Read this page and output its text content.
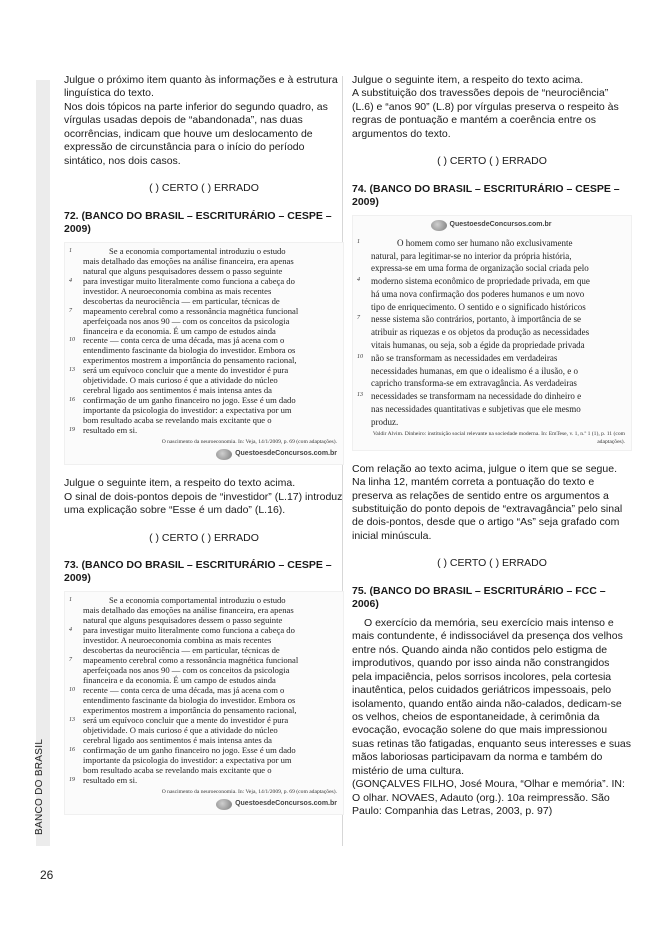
BANCO DO BRASIL
26
Julgue o próximo item quanto às informações e à estrutura linguística do texto.
Nos dois tópicos na parte inferior do segundo quadro, as vírgulas usadas depois de “abandonada”, nas duas ocorrências, indicam que houve um deslocamento de expressão de circunstância para o início do período sintático, nos dois casos.
( ) CERTO ( ) ERRADO
72. (BANCO DO BRASIL – ESCRITURÁRIO – CESPE – 2009)
1	Se a economia comportamental introduziu o estudo
mais detalhado das emoções na análise financeira, era apenas
natural que alguns pesquisadores dessem o passo seguinte
4	para investigar muito literalmente como funciona a cabeça do
investidor. A neuroeconomia combina as mais recentes
descobertas da neurociência — em particular, técnicas de
7	mapeamento cerebral como a ressonância magnética funcional
aperfeiçoada nos anos 90 — com os conceitos da psicologia
financeira e da economia. É um campo de estudos ainda
10 recente — conta cerca de uma década, mas já acena com o
entendimento fascinante da biologia do investidor. Embora os
experimentos mostrem a importância do pensamento racional,
13 será um equívoco concluir que a mente do investidor é pura
objetividade. O mais curioso é que a atividade do núcleo
cerebral ligado aos sentimentos é mais intensa antes da
16 confirmação de um ganho financeiro no jogo. Esse é um dado
importante da psicologia do investidor: a expectativa por um
bom resultado acaba se revelando mais excitante que o
19 resultado em si.
O nascimento da neuroeconomia. In: Veja, 14/1/2009, p. 69 (com adaptações).
QuestoesdeConcursos.com.br
Julgue o seguinte item, a respeito do texto acima.
O sinal de dois-pontos depois de “investidor” (L.17) introduz uma explicação sobre “Esse é um dado” (L.16).
( ) CERTO ( ) ERRADO
73. (BANCO DO BRASIL – ESCRITURÁRIO – CESPE – 2009)
1	Se a economia comportamental introduziu o estudo
mais detalhado das emoções na análise financeira, era apenas
natural que alguns pesquisadores dessem o passo seguinte
4	para investigar muito literalmente como funciona a cabeça do
investidor. A neuroeconomia combina as mais recentes
descobertas da neurociência — em particular, técnicas de
7	mapeamento cerebral como a ressonância magnética funcional
aperfeiçoada nos anos 90 — com os conceitos da psicologia
financeira e da economia. É um campo de estudos ainda
10 recente — conta cerca de uma década, mas já acena com o
entendimento fascinante da biologia do investidor. Embora os
experimentos mostrem a importância do pensamento racional,
13 será um equívoco concluir que a mente do investidor é pura
objetividade. O mais curioso é que a atividade do núcleo
cerebral ligado aos sentimentos é mais intensa antes da
16 confirmação de um ganho financeiro no jogo. Esse é um dado
importante da psicologia do investidor: a expectativa por um
bom resultado acaba se revelando mais excitante que o
19 resultado em si.
O nascimento da neuroeconomia. In: Veja, 14/1/2009, p. 69 (com adaptações).
QuestoesdeConcursos.com.br
Julgue o seguinte item, a respeito do texto acima.
A substituição dos travessões depois de “neurociência” (L.6) e “anos 90” (L.8) por vírgulas preserva o respeito às regras de pontuação e mantém a coerência entre os argumentos do texto.
( ) CERTO ( ) ERRADO
74. (BANCO DO BRASIL – ESCRITURÁRIO – CESPE – 2009)
QuestoesdeConcursos.com.br
1	O homem como ser humano não exclusivamente
natural, para legitimar-se no interior da própria história,
expressa-se em uma forma de organização social criada pelo
4	moderno sistema econômico de propriedade privada, em que
há uma nova confirmação dos poderes humanos e um novo
tipo de enriquecimento. O sentido e o significado históricos
7	nesse sistema são contrários, portanto, à importância de se
atribuir as riquezas e os objetos da produção as necessidades
vitais humanas, ou seja, sob a égide da propriedade privada
10 não se transformam as necessidades em verdadeiras
necessidades humanas, em que o idealismo é a ilusão, e o
capricho transforma-se em extravagância. As verdadeiras
13 necessidades se transformam na necessidade do dinheiro e
nas necessidades quantitativas e subjetivas que ele mesmo
produz.
Valdir Alvim. Dinheiro: instituição social relevante na sociedade moderna. In: EmTese, v. 1, n.º 1 (1), p. 11 (com adaptações).
Com relação ao texto acima, julgue o item que se segue. Na linha 12, mantém correta a pontuação do texto e preserva as relações de sentido entre os argumentos a substituição do ponto depois de “extravagância” pelo sinal de dois-pontos, desde que o artigo “As” seja grafado com inicial minúscula.
( ) CERTO ( ) ERRADO
75. (BANCO DO BRASIL – ESCRITURÁRIO – FCC – 2006)
O exercício da memória, seu exercício mais intenso e mais contundente, é indissociável da presença dos velhos entre nós. Quando ainda não contidos pelo estigma de improdutivos, quando por isso ainda não constrangidos pela impaciência, pelos sorrisos incolores, pela cortesia inautêntica, pelos cuidados geriátricos impessoais, pelo isolamento, quando então ainda não-calados, dedicam-se os velhos, cheios de espontaneidade, à cerimônia da evocação, evocação solene do que mais impressionou suas retinas tão fatigadas, enquanto seus interesses e suas mãos laboriosas participavam da norma e também do mistério de uma cultura.
(GONÇALVES FILHO, José Moura, “Olhar e memória”. IN: O olhar. NOVAES, Adauto (org.). 10a reimpressão. São Paulo: Companhia das Letras, 2003, p. 97)
